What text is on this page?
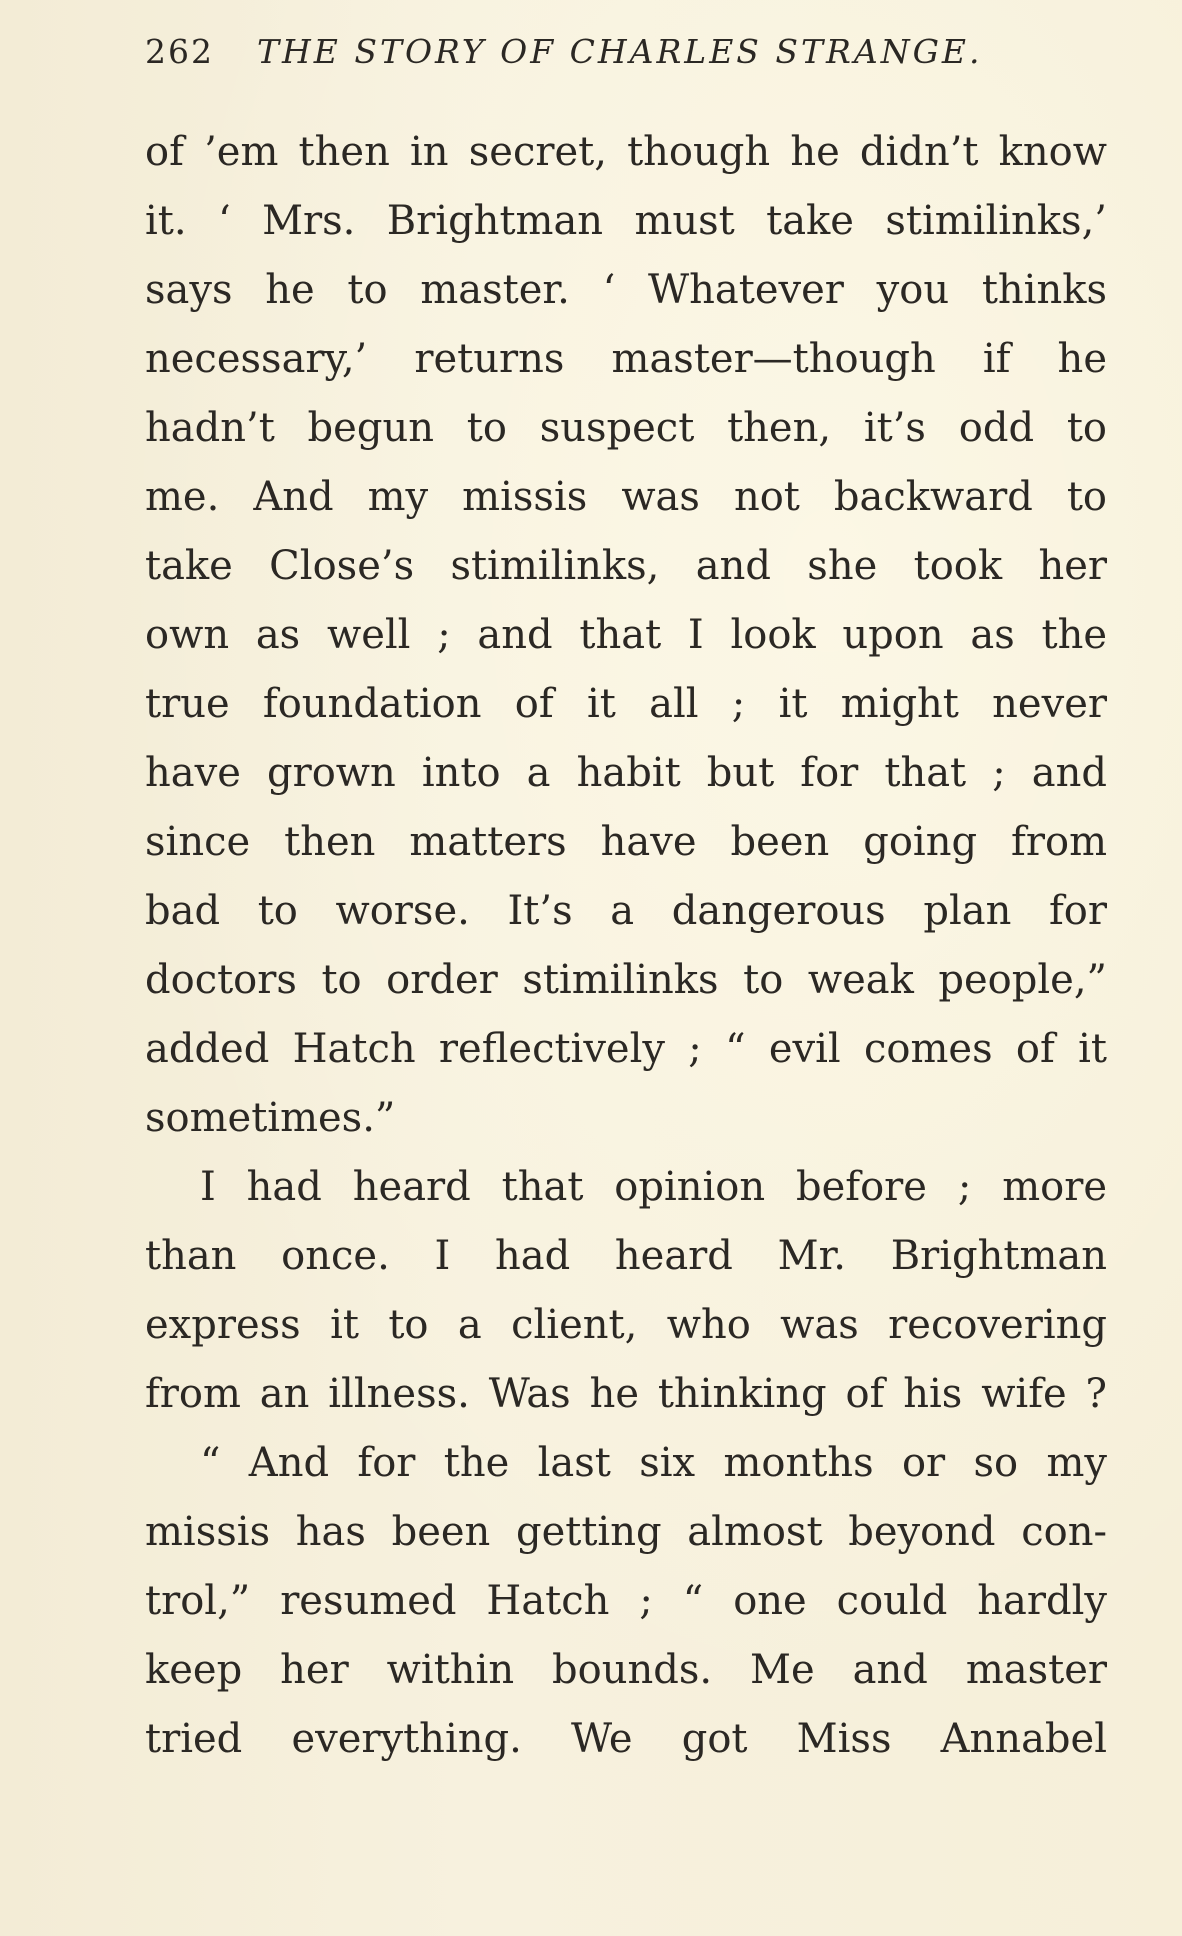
262 THE STORY OF CHARLES STRANGE.
of ’em then in secret, though he didn’t know
it. ‘ Mrs. Brightman must take stimilinks,’
says he to master. ‘ Whatever you thinks
necessary,’ returns master—though if he
hadn’t begun to suspect then, it’s odd to
me. And my missis was not backward to
take Close’s stimilinks, and she took her
own as well ; and that I look upon as the
true foundation of it all ; it might never
have grown into a habit but for that ; and
since then matters have been going from
bad to worse. It’s a dangerous plan for
doctors to order stimilinks to weak people,”
added Hatch reflectively ; “ evil comes of it
sometimes.”
I had heard that opinion before ; more
than once. I had heard Mr. Brightman
express it to a client, who was recovering
from an illness. Was he thinking of his wife ?
“ And for the last six months or so my
missis has been getting almost beyond con-
trol,” resumed Hatch ; “ one could hardly
keep her within bounds. Me and master
tried everything. We got Miss Annabel
